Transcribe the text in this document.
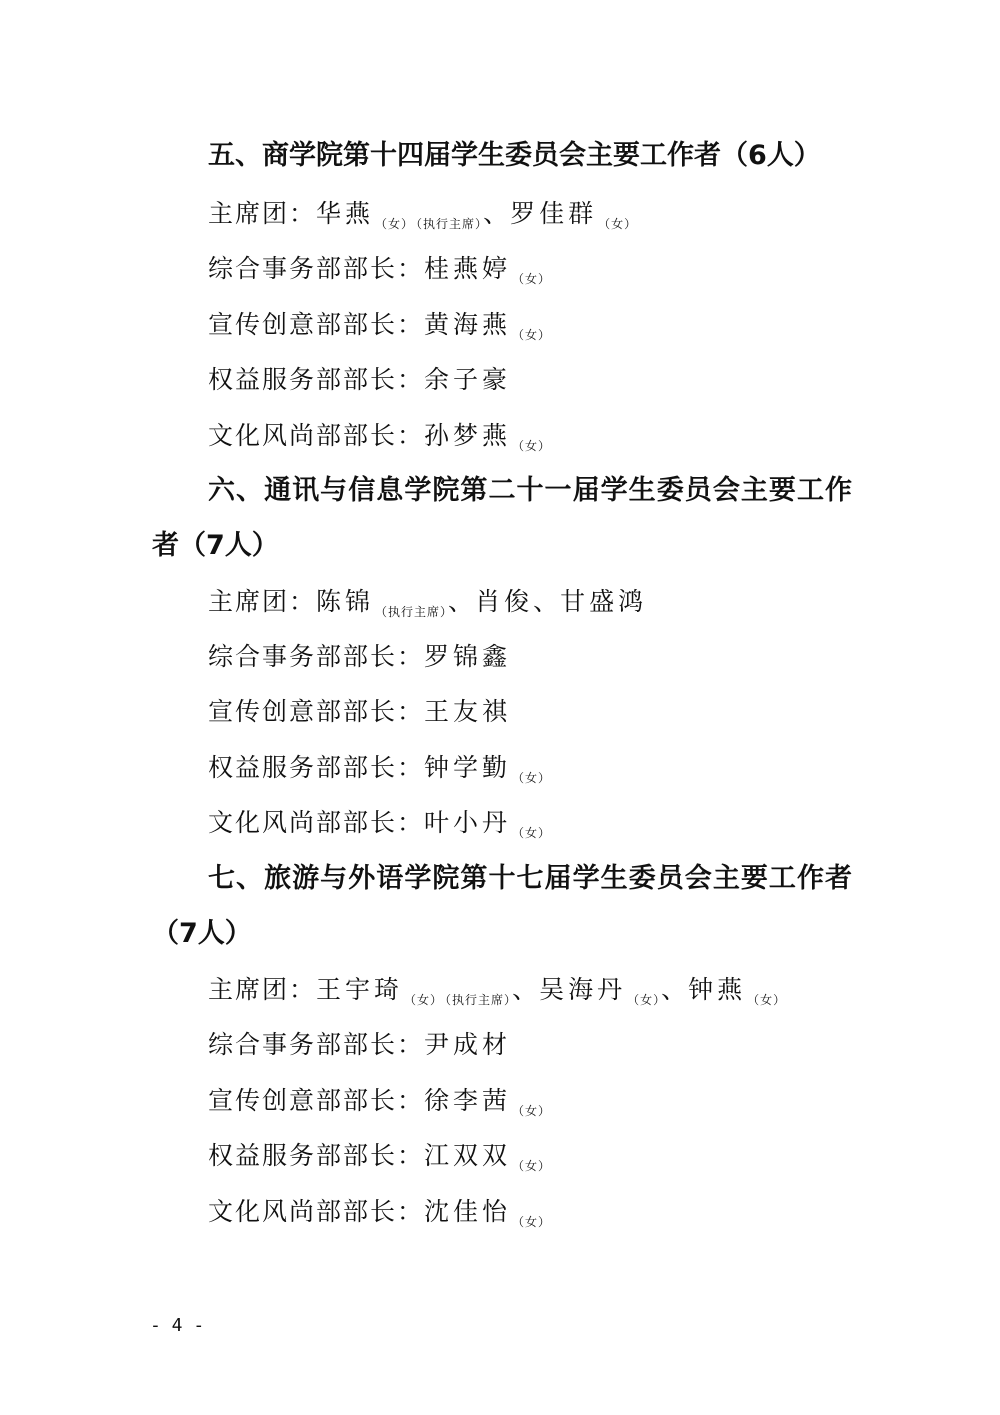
五、商学院第十四届学生委员会主要工作者（6人）
主席团：华燕$_{(女)}$ $_{(执行主席)}$、罗佳群$_{(女)}$
综合事务部部长：桂燕婷$_{(女)}$
宣传创意部部长：黄海燕$_{(女)}$
权益服务部部长：余子豪
文化风尚部部长：孙梦燕$_{(女)}$
六、通讯与信息学院第二十一届学生委员会主要工作者（7人）
主席团：陈锦$_{(执行主席)}$、肖俊、甘盛鸿
综合事务部部长：罗锦鑫
宣传创意部部长：王友祺
权益服务部部长：钟学勤$_{(女)}$
文化风尚部部长：叶小丹$_{(女)}$
七、旅游与外语学院第十七届学生委员会主要工作者（7人）
主席团：王宇琦$_{(女)}$ $_{(执行主席)}$、吴海丹$_{(女)}$、钟燕$_{(女)}$
综合事务部部长：尹成材
宣传创意部部长：徐李茜$_{(女)}$
权益服务部部长：江双双$_{(女)}$
文化风尚部部长：沈佳怡$_{(女)}$
- 4 -
